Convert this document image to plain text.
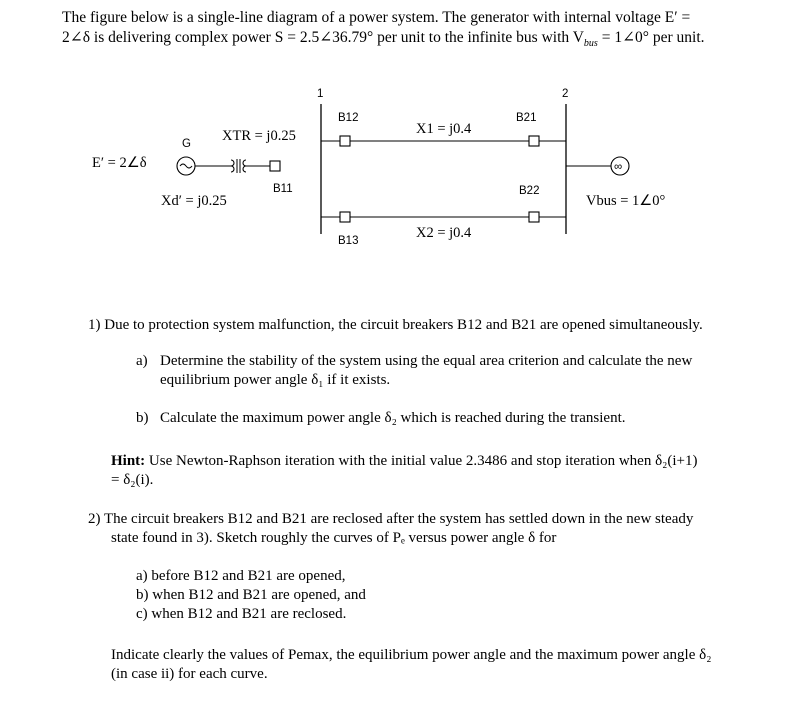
The figure below is a single-line diagram of a power system. The generator with internal voltage E′ =
2∠δ is delivering complex power S = 2.5∠36.79° per unit to the infinite bus with $V_{bus}$ = 1∠0° per unit.
1	2
G
E′ = 2∠δ
XTR = j0.25
Xd′ = j0.25
B11
B12	B21
X1 = j0.4
B13
B22
X2 = j0.4
∞
Vbus = 1∠0°
1) Due to protection system malfunction, the circuit breakers B12 and B21 are opened simultaneously.
a) Determine the stability of the system using the equal area criterion and calculate the new
equilibrium power angle δ₁ if it exists.
b) Calculate the maximum power angle δ₂ which is reached during the transient.
Hint: Use Newton-Raphson iteration with the initial value 2.3486 and stop iteration when δ₂(i+1)
= δ₂(i).
2) The circuit breakers B12 and B21 are reclosed after the system has settled down in the new steady
state found in 3). Sketch roughly the curves of Pₑ versus power angle δ for
a) before B12 and B21 are opened,
b) when B12 and B21 are opened, and
c) when B12 and B21 are reclosed.
Indicate clearly the values of Pemax, the equilibrium power angle and the maximum power angle δ₂
(in case ii) for each curve.
